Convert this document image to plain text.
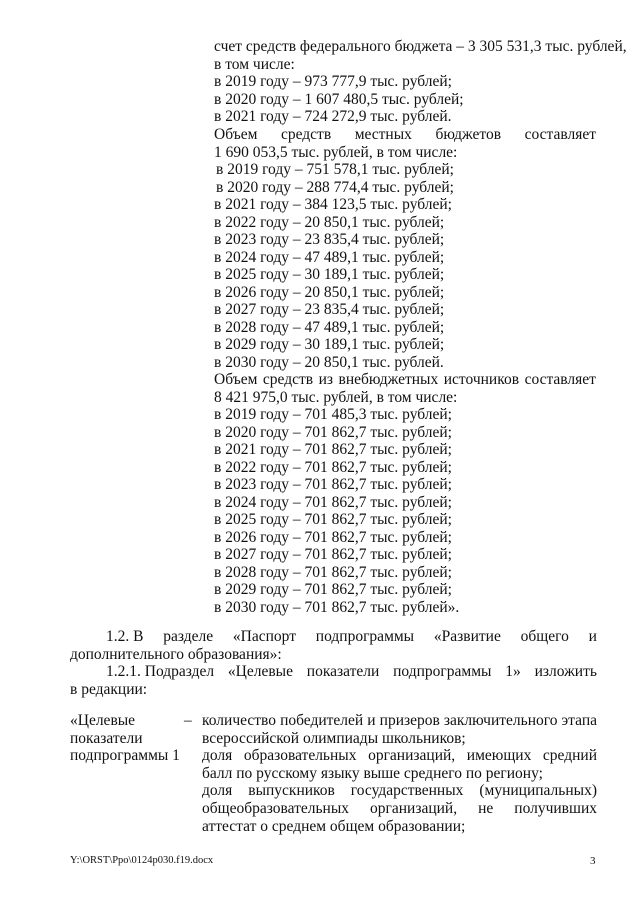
счет средств федерального бюджета – 3 305 531,3 тыс. рублей,
в том числе:
в 2019 году – 973 777,9 тыс. рублей;
в 2020 году – 1 607 480,5 тыс. рублей;
в 2021 году – 724 272,9 тыс. рублей.
Объем средств местных бюджетов составляет
1 690 053,5 тыс. рублей, в том числе:
в 2019 году – 751 578,1 тыс. рублей;
в 2020 году – 288 774,4 тыс. рублей;
в 2021 году – 384 123,5 тыс. рублей;
в 2022 году – 20 850,1 тыс. рублей;
в 2023 году – 23 835,4 тыс. рублей;
в 2024 году – 47 489,1 тыс. рублей;
в 2025 году – 30 189,1 тыс. рублей;
в 2026 году – 20 850,1 тыс. рублей;
в 2027 году – 23 835,4 тыс. рублей;
в 2028 году – 47 489,1 тыс. рублей;
в 2029 году – 30 189,1 тыс. рублей;
в 2030 году – 20 850,1 тыс. рублей.
Объем средств из внебюджетных источников составляет
8 421 975,0 тыс. рублей, в том числе:
в 2019 году – 701 485,3 тыс. рублей;
в 2020 году – 701 862,7 тыс. рублей;
в 2021 году – 701 862,7 тыс. рублей;
в 2022 году – 701 862,7 тыс. рублей;
в 2023 году – 701 862,7 тыс. рублей;
в 2024 году – 701 862,7 тыс. рублей;
в 2025 году – 701 862,7 тыс. рублей;
в 2026 году – 701 862,7 тыс. рублей;
в 2027 году – 701 862,7 тыс. рублей;
в 2028 году – 701 862,7 тыс. рублей;
в 2029 году – 701 862,7 тыс. рублей;
в 2030 году – 701 862,7 тыс. рублей».
1.2. В разделе «Паспорт подпрограммы «Развитие общего и
дополнительного образования»:
1.2.1. Подраздел «Целевые показатели подпрограммы 1» изложить
в редакции:
«Целевые
показатели
подпрограммы 1
– количество победителей и призеров заключительного этапа всероссийской олимпиады школьников;
доля образовательных организаций, имеющих средний балл по русскому языку выше среднего по региону;
доля выпускников государственных (муниципальных)
общеобразовательных организаций, не получивших аттестат о среднем общем образовании;
Y:\ORST\Рро\0124р030.f19.docx	3
